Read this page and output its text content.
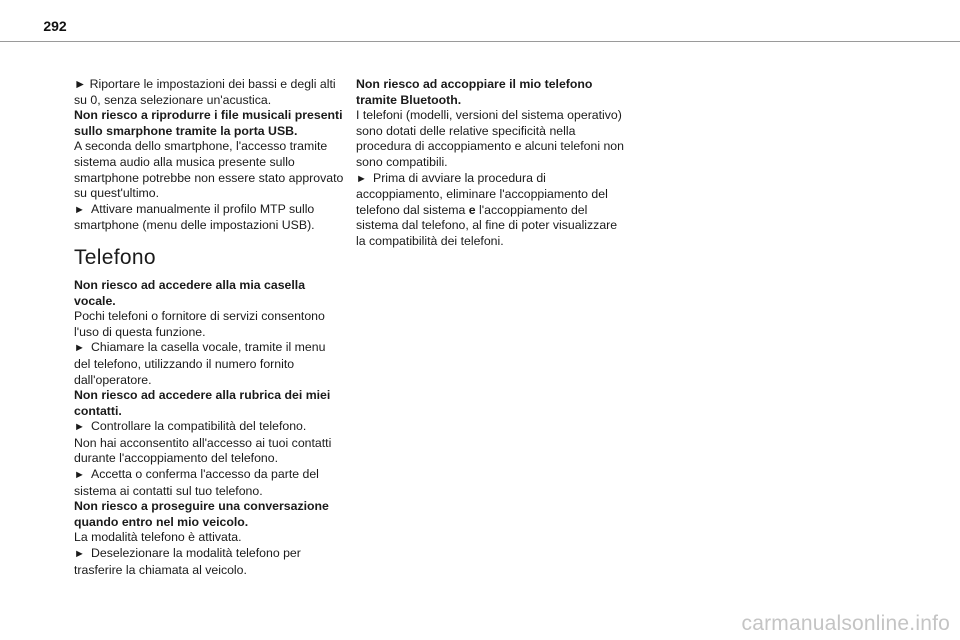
292

► Riportare le impostazioni dei bassi e degli alti su 0, senza selezionare un'acustica.

Non riesco a riprodurre i file musicali presenti sullo smarphone tramite la porta USB.

A seconda dello smartphone, l'accesso tramite sistema audio alla musica presente sullo smartphone potrebbe non essere stato approvato su quest'ultimo.

►  Attivare manualmente il profilo MTP sullo smartphone (menu delle impostazioni USB).

Telefono

Non riesco ad accedere alla mia casella vocale.

Pochi telefoni o fornitore di servizi consentono l'uso di questa funzione.

►  Chiamare la casella vocale, tramite il menu del telefono, utilizzando il numero fornito dall'operatore.

Non riesco ad accedere alla rubrica dei miei contatti.

►  Controllare la compatibilità del telefono.

Non hai acconsentito all'accesso ai tuoi contatti durante l'accoppiamento del telefono.

►  Accetta o conferma l'accesso da parte del sistema ai contatti sul tuo telefono.

Non riesco a proseguire una conversazione quando entro nel mio veicolo.

La modalità telefono è attivata.

►  Deselezionare la modalità telefono per trasferire la chiamata al veicolo.

Non riesco ad accoppiare il mio telefono tramite Bluetooth.

I telefoni (modelli, versioni del sistema operativo) sono dotati delle relative specificità nella procedura di accoppiamento e alcuni telefoni non sono compatibili.

►  Prima di avviare la procedura di accoppiamento, eliminare l'accoppiamento del telefono dal sistema e l'accoppiamento del sistema dal telefono, al fine di poter visualizzare la compatibilità dei telefoni.

carmanualsonline.info
